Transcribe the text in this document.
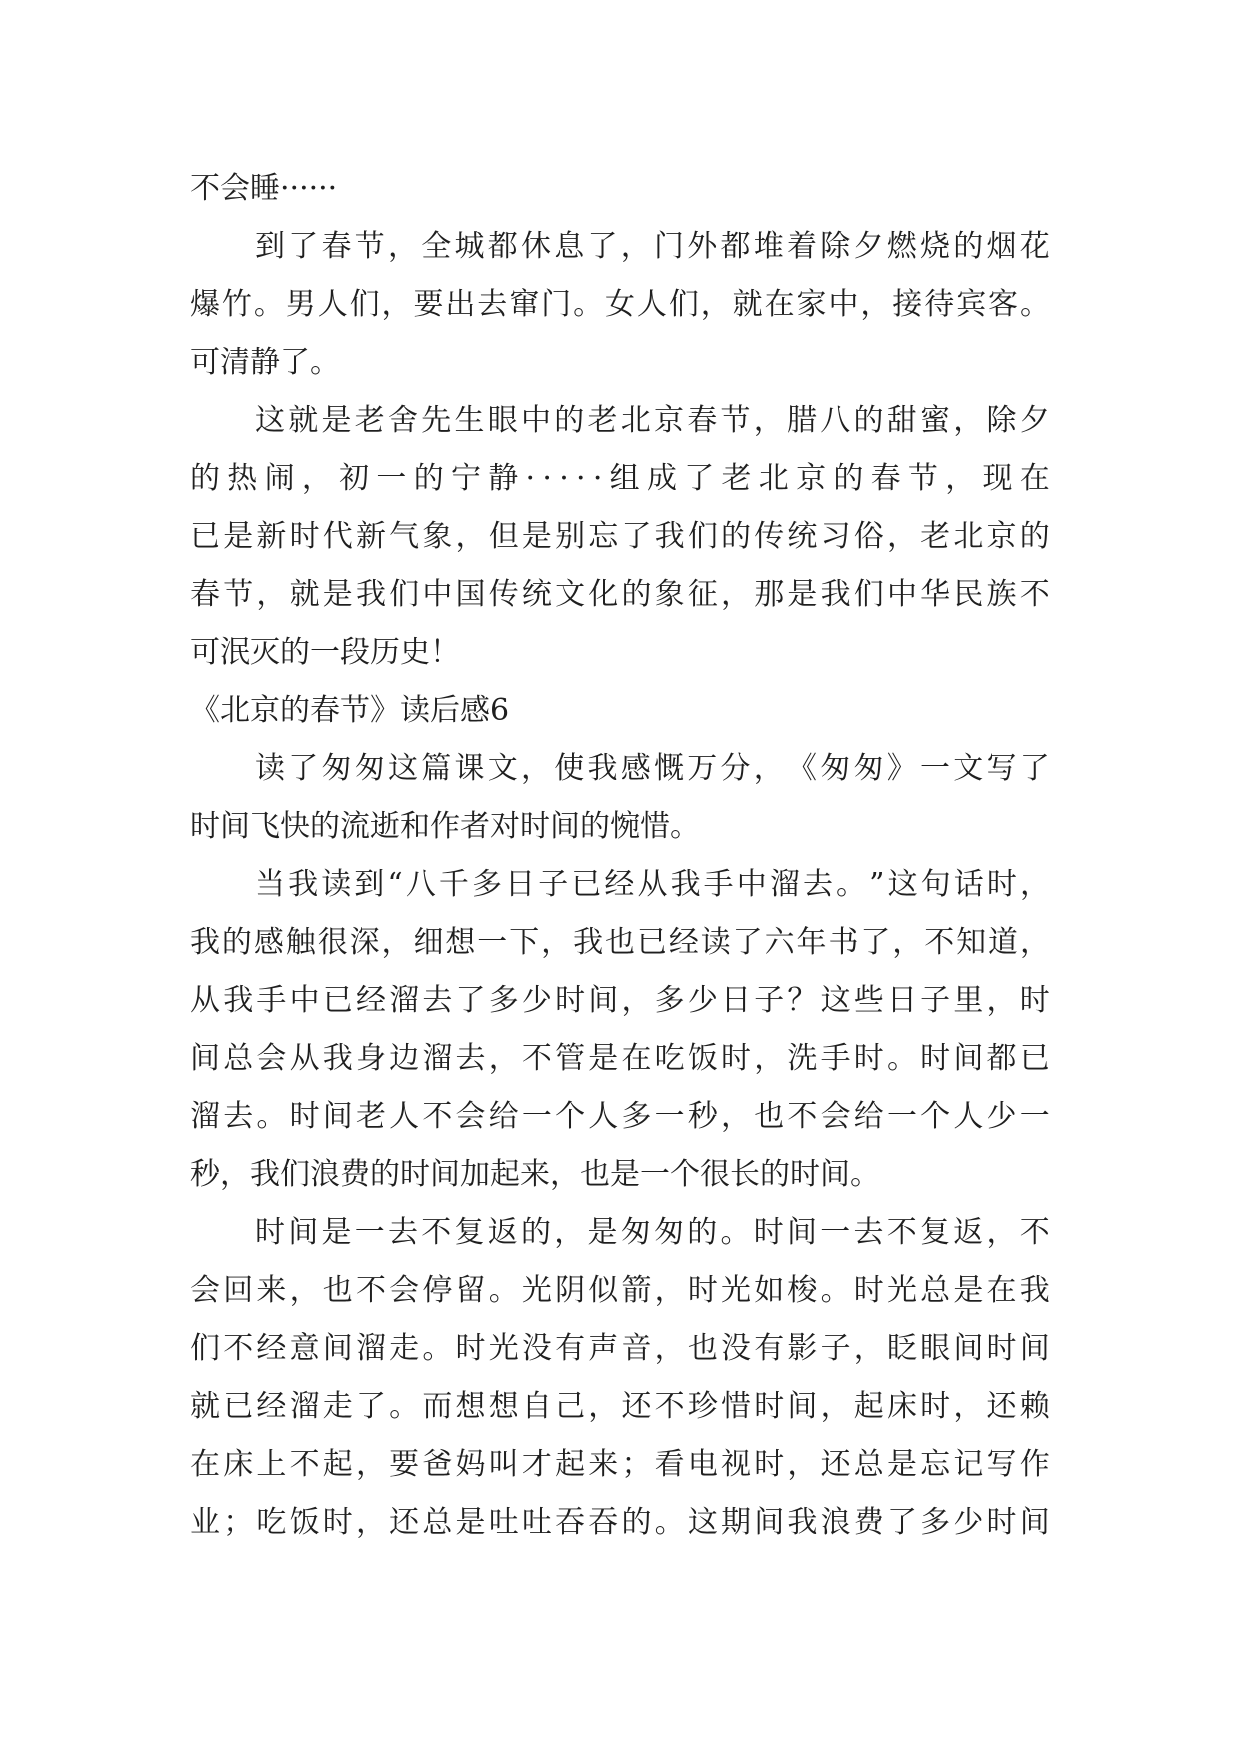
不会睡······
到 了 春 节 ， 全 城 都 休 息 了 ， 门 外 都 堆 着 除 夕 燃 烧 的 烟 花
爆 竹 。 男 人 们 ， 要 出 去 窜 门 。 女 人 们 ， 就 在 家 中 ， 接 待 宾 客 。
可清静了。
这 就 是 老 舍 先 生 眼 中 的 老 北 京 春 节 ， 腊 八 的 甜 蜜 ， 除 夕
的 热 闹 ， 初 一 的 宁 静 · · · · · 组 成 了 老 北 京 的 春 节 ， 现 在
已 是 新 时 代 新 气 象 ， 但 是 别 忘 了 我 们 的 传 统 习 俗 ， 老 北 京 的
春 节 ， 就 是 我 们 中 国 传 统 文 化 的 象 征 ， 那 是 我 们 中 华 民 族 不
可泯灭的一段历史！
《北京的春节》读后感6
读 了 匆 匆 这 篇 课 文 ， 使 我 感 慨 万 分 ， 《 匆 匆 》 一 文 写 了
时间飞快的流逝和作者对时间的惋惜。
当 我 读 到 “ 八 千 多 日 子 已 经 从 我 手 中 溜 去 。 ” 这 句 话 时 ，
我 的 感 触 很 深 ， 细 想 一 下 ， 我 也 已 经 读 了 六 年 书 了 ， 不 知 道 ，
从 我 手 中 已 经 溜 去 了 多 少 时 间 ， 多 少 日 子 ？ 这 些 日 子 里 ， 时
间 总 会 从 我 身 边 溜 去 ， 不 管 是 在 吃 饭 时 ， 洗 手 时 。 时 间 都 已
溜 去 。 时 间 老 人 不 会 给 一 个 人 多 一 秒 ， 也 不 会 给 一 个 人 少 一
秒，我们浪费的时间加起来，也是一个很长的时间。
时 间 是 一 去 不 复 返 的 ， 是 匆 匆 的 。 时 间 一 去 不 复 返 ， 不
会 回 来 ， 也 不 会 停 留 。 光 阴 似 箭 ， 时 光 如 梭 。 时 光 总 是 在 我
们 不 经 意 间 溜 走 。 时 光 没 有 声 音 ， 也 没 有 影 子 ， 眨 眼 间 时 间
就 已 经 溜 走 了 。 而 想 想 自 己 ， 还 不 珍 惜 时 间 ， 起 床 时 ， 还 赖
在 床 上 不 起 ， 要 爸 妈 叫 才 起 来 ； 看 电 视 时 ， 还 总 是 忘 记 写 作
业 ； 吃 饭 时 ， 还 总 是 吐 吐 吞 吞 的 。 这 期 间 我 浪 费 了 多 少 时 间
